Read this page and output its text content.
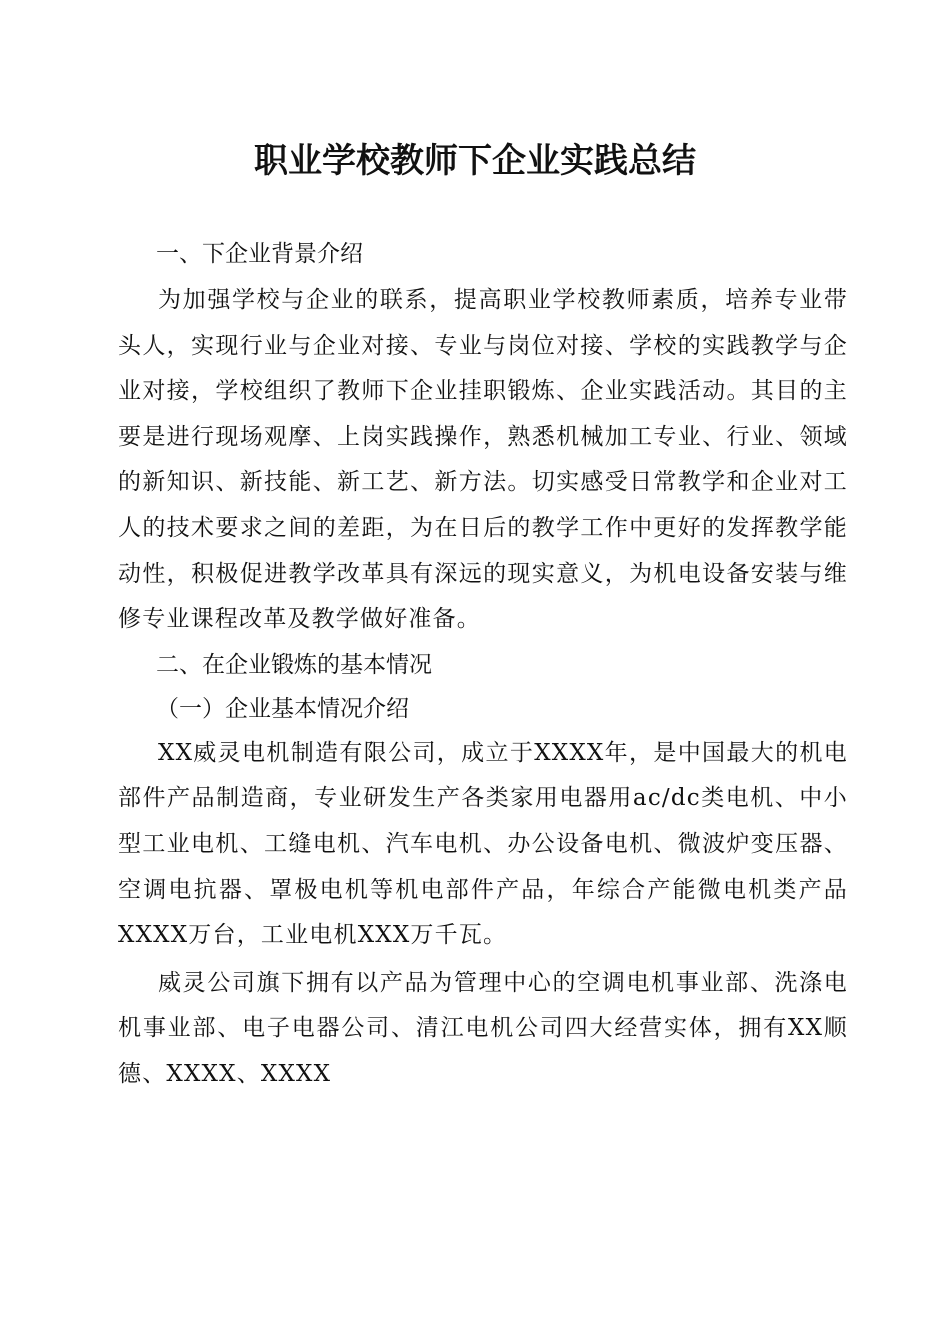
职业学校教师下企业实践总结

一、下企业背景介绍

为加强学校与企业的联系，提高职业学校教师素质，培养专业带头人，实现行业与企业对接、专业与岗位对接、学校的实践教学与企业对接，学校组织了教师下企业挂职锻炼、企业实践活动。其目的主要是进行现场观摩、上岗实践操作，熟悉机械加工专业、行业、领域的新知识、新技能、新工艺、新方法。切实感受日常教学和企业对工人的技术要求之间的差距，为在日后的教学工作中更好的发挥教学能动性，积极促进教学改革具有深远的现实意义，为机电设备安装与维修专业课程改革及教学做好准备。

二、在企业锻炼的基本情况

（一）企业基本情况介绍

XX威灵电机制造有限公司，成立于XXXX年，是中国最大的机电部件产品制造商，专业研发生产各类家用电器用ac/dc类电机、中小型工业电机、工缝电机、汽车电机、办公设备电机、微波炉变压器、空调电抗器、罩极电机等机电部件产品，年综合产能微电机类产品XXXX万台，工业电机XXX万千瓦。

威灵公司旗下拥有以产品为管理中心的空调电机事业部、洗涤电机事业部、电子电器公司、清江电机公司四大经营实体，拥有XX顺德、XXXX、XXXX
